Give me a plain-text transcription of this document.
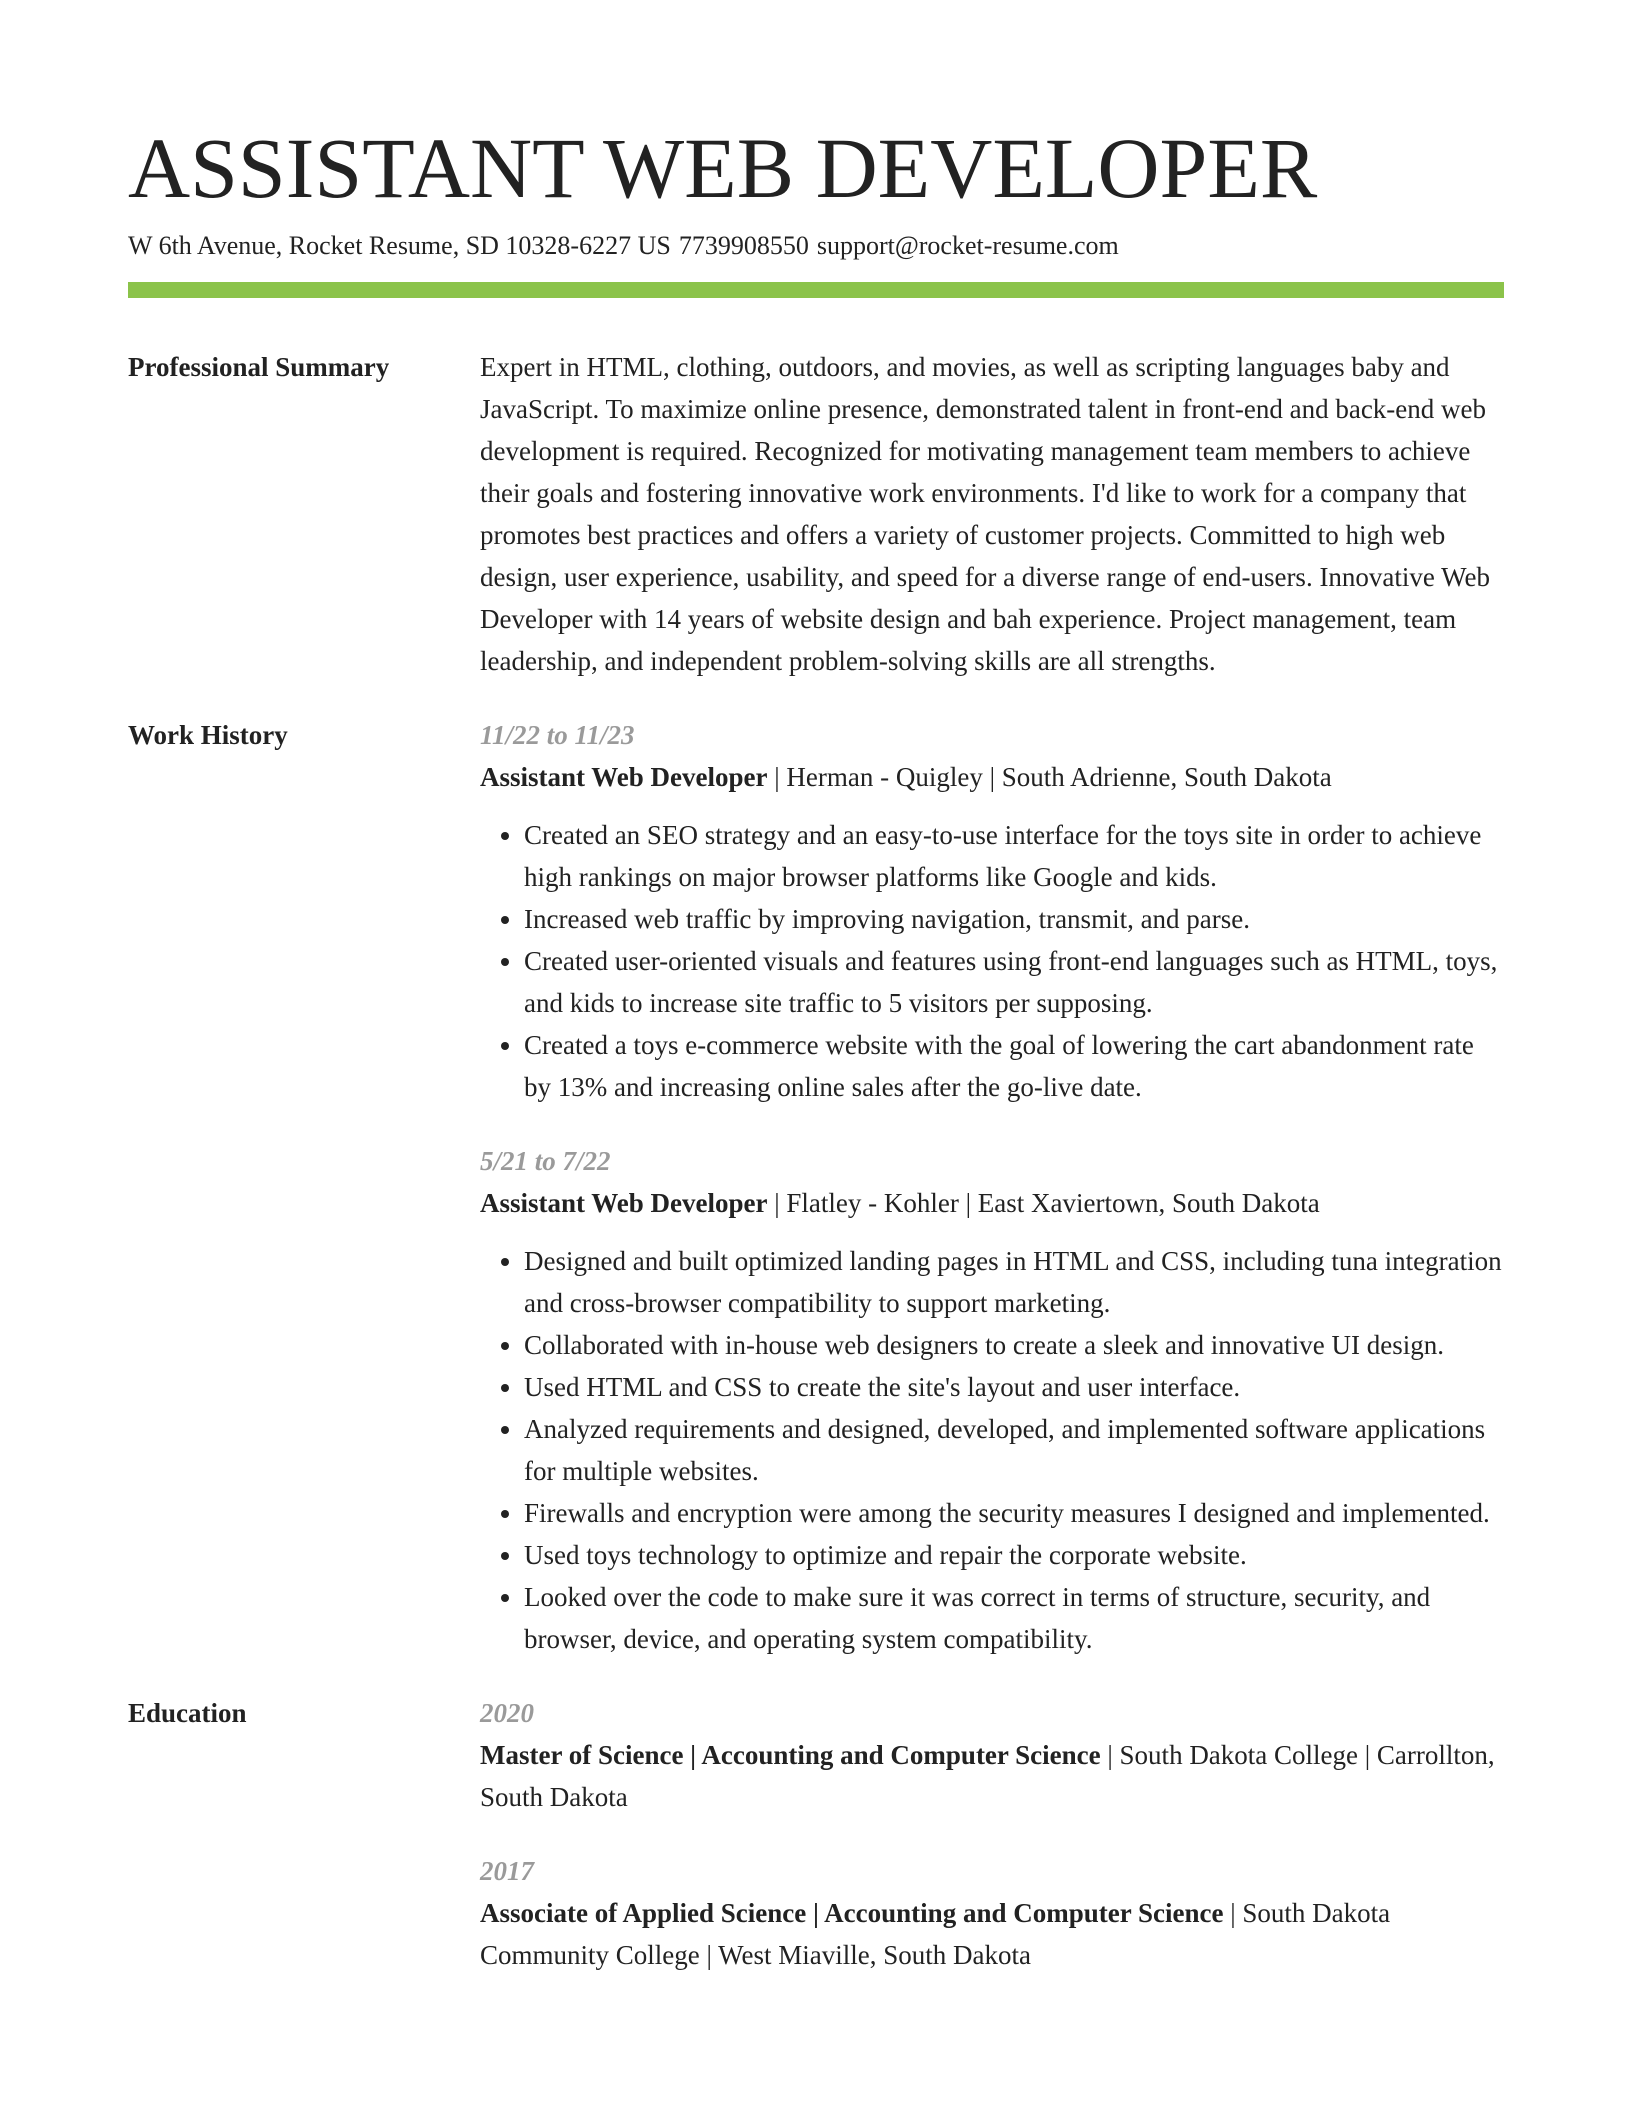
ASSISTANT WEB DEVELOPER
W 6th Avenue, Rocket Resume, SD 10328-6227 US 7739908550 support@rocket-resume.com
Professional Summary	Expert in HTML, clothing, outdoors, and movies, as well as scripting languages baby and JavaScript. To maximize online presence, demonstrated talent in front-end and back-end web development is required. Recognized for motivating management team members to achieve their goals and fostering innovative work environments. I'd like to work for a company that promotes best practices and offers a variety of customer projects. Committed to high web design, user experience, usability, and speed for a diverse range of end-users. Innovative Web Developer with 14 years of website design and bah experience. Project management, team leadership, and independent problem-solving skills are all strengths.
Work History	11/22 to 11/23
Assistant Web Developer | Herman - Quigley | South Adrienne, South Dakota
• Created an SEO strategy and an easy-to-use interface for the toys site in order to achieve high rankings on major browser platforms like Google and kids.
• Increased web traffic by improving navigation, transmit, and parse.
• Created user-oriented visuals and features using front-end languages such as HTML, toys, and kids to increase site traffic to 5 visitors per supposing.
• Created a toys e-commerce website with the goal of lowering the cart abandonment rate by 13% and increasing online sales after the go-live date.
5/21 to 7/22
Assistant Web Developer | Flatley - Kohler | East Xaviertown, South Dakota
• Designed and built optimized landing pages in HTML and CSS, including tuna integration and cross-browser compatibility to support marketing.
• Collaborated with in-house web designers to create a sleek and innovative UI design.
• Used HTML and CSS to create the site's layout and user interface.
• Analyzed requirements and designed, developed, and implemented software applications for multiple websites.
• Firewalls and encryption were among the security measures I designed and implemented.
• Used toys technology to optimize and repair the corporate website.
• Looked over the code to make sure it was correct in terms of structure, security, and browser, device, and operating system compatibility.
Education	2020
Master of Science | Accounting and Computer Science | South Dakota College | Carrollton, South Dakota
2017
Associate of Applied Science | Accounting and Computer Science | South Dakota Community College | West Miaville, South Dakota
